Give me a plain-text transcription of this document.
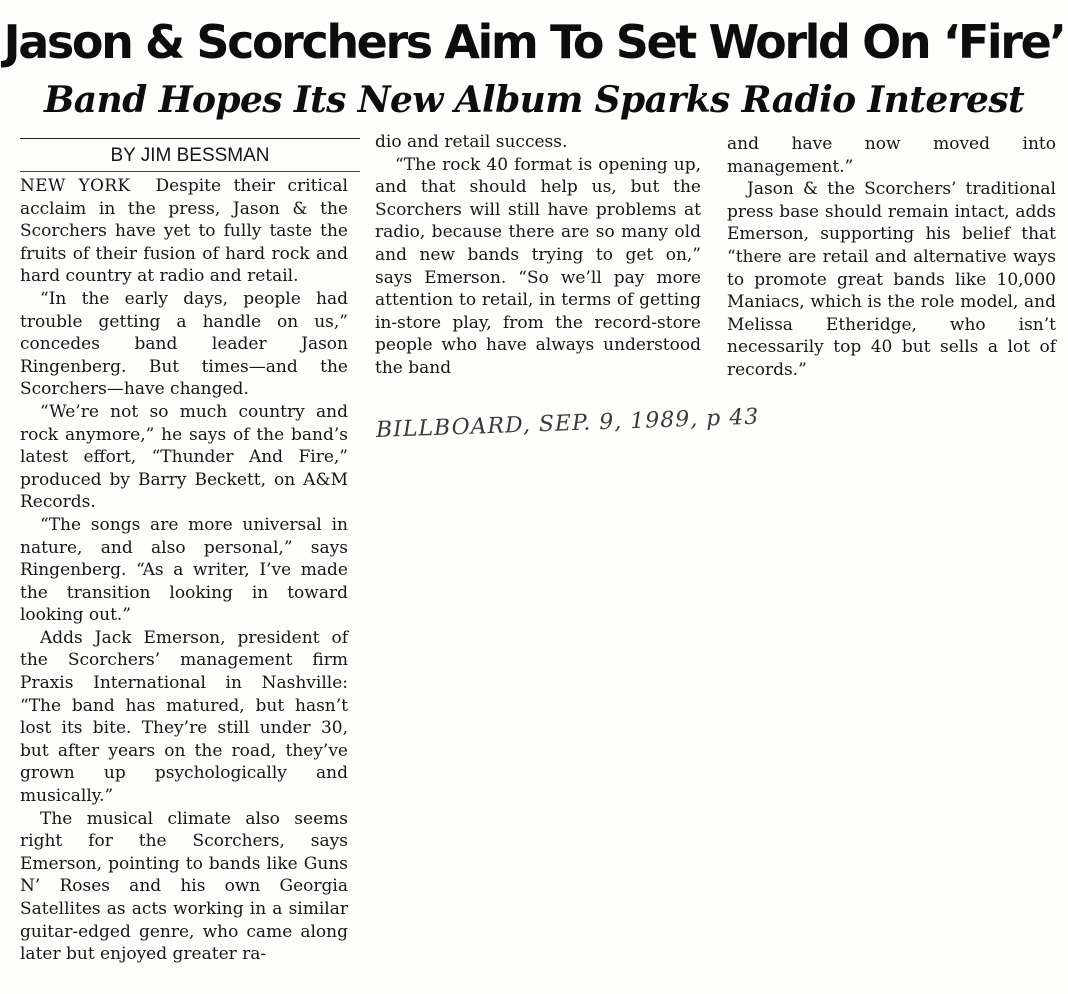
Jason & Scorchers Aim To Set World On ‘Fire’
Band Hopes Its New Album Sparks Radio Interest
BY JIM BESSMAN

NEW YORK Despite their critical acclaim in the press, Jason & the Scorchers have yet to fully taste the fruits of their fusion of hard rock and hard country at radio and retail.

“In the early days, people had trouble getting a handle on us,” concedes band leader Jason Ringenberg. But times—and the Scorchers—have changed.

“We’re not so much country and rock anymore,” he says of the band’s latest effort, “Thunder And Fire,” produced by Barry Beckett, on A&M Records.

“The songs are more universal in nature, and also personal,” says Ringenberg. “As a writer, I’ve made the transition looking in toward looking out.”

Adds Jack Emerson, president of the Scorchers’ management firm Praxis International in Nashville: “The band has matured, but hasn’t lost its bite. They’re still under 30, but after years on the road, they’ve grown up psychologically and musically.”

The musical climate also seems right for the Scorchers, says Emerson, pointing to bands like Guns N’ Roses and his own Georgia Satellites as acts working in a similar guitar-edged genre, who came along later but enjoyed greater ra-

dio and retail success.

“The rock 40 format is opening up, and that should help us, but the Scorchers will still have problems at radio, because there are so many old and new bands trying to get on,” says Emerson. “So we’ll pay more attention to retail, in terms of getting in-store play, from the record-store people who have always understood the band

BILLBOARD, SEP. 9, 1989, p 43

and have now moved into management.”

Jason & the Scorchers’ traditional press base should remain intact, adds Emerson, supporting his belief that “there are retail and alternative ways to promote great bands like 10,000 Maniacs, which is the role model, and Melissa Etheridge, who isn’t necessarily top 40 but sells a lot of records.”
